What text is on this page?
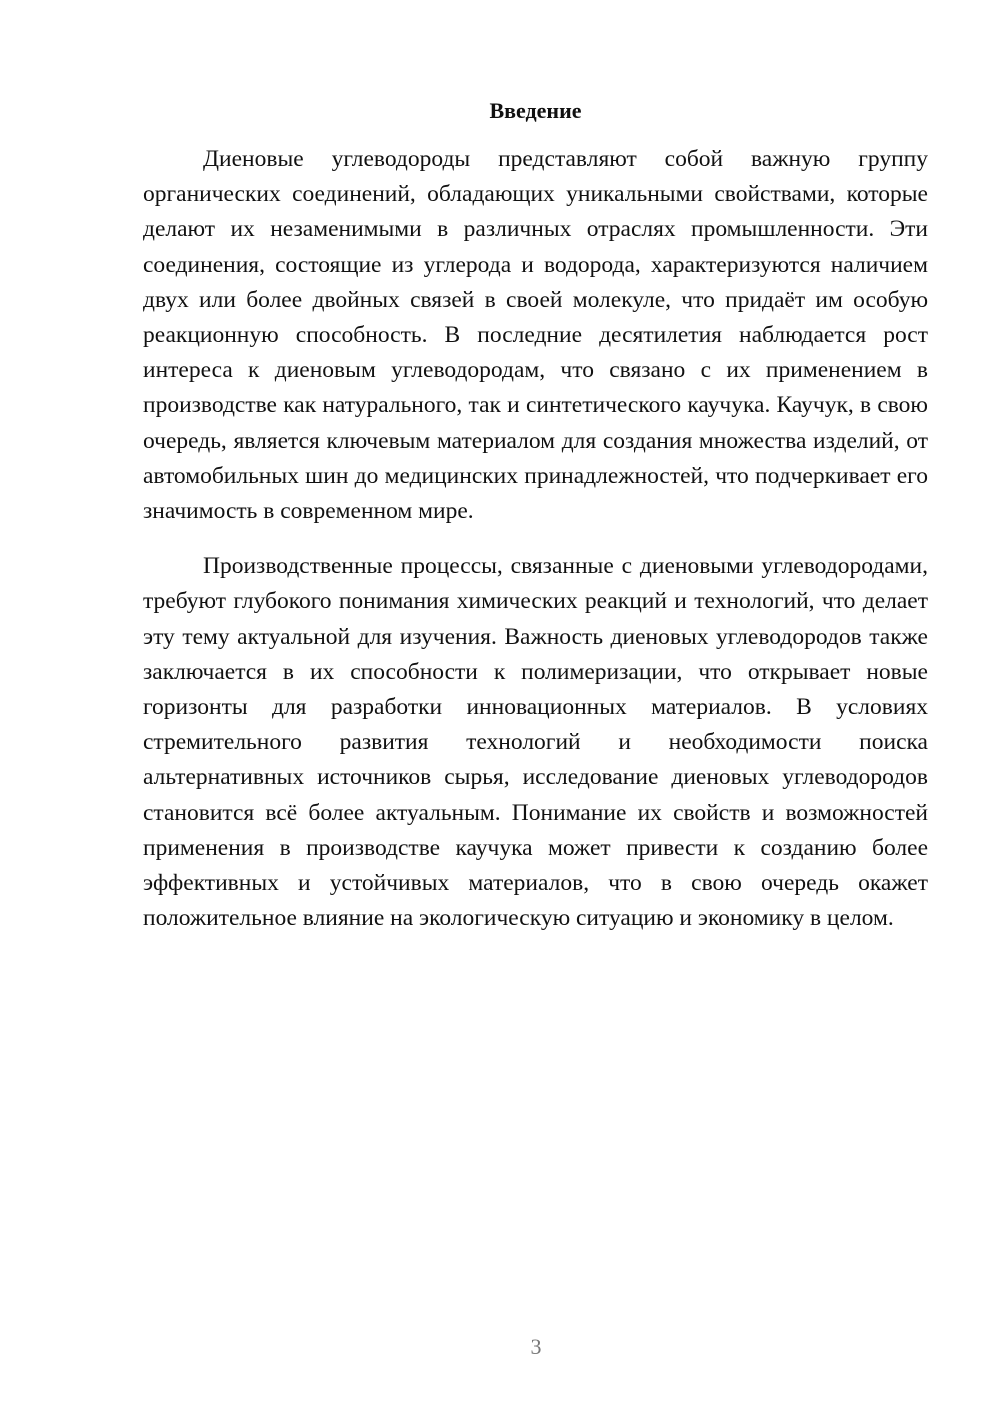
Введение

Диеновые углеводороды представляют собой важную группу органических соединений, обладающих уникальными свойствами, которые делают их незаменимыми в различных отраслях промышленности. Эти соединения, состоящие из углерода и водорода, характеризуются наличием двух или более двойных связей в своей молекуле, что придаёт им особую реакционную способность. В последние десятилетия наблюдается рост интереса к диеновым углеводородам, что связано с их применением в производстве как натурального, так и синтетического каучука. Каучук, в свою очередь, является ключевым материалом для создания множества изделий, от автомобильных шин до медицинских принадлежностей, что подчеркивает его значимость в современном мире.

Производственные процессы, связанные с диеновыми углеводородами, требуют глубокого понимания химических реакций и технологий, что делает эту тему актуальной для изучения. Важность диеновых углеводородов также заключается в их способности к полимеризации, что открывает новые горизонты для разработки инновационных материалов. В условиях стремительного развития технологий и необходимости поиска альтернативных источников сырья, исследование диеновых углеводородов становится всё более актуальным. Понимание их свойств и возможностей применения в производстве каучука может привести к созданию более эффективных и устойчивых материалов, что в свою очередь окажет положительное влияние на экологическую ситуацию и экономику в целом.

3
